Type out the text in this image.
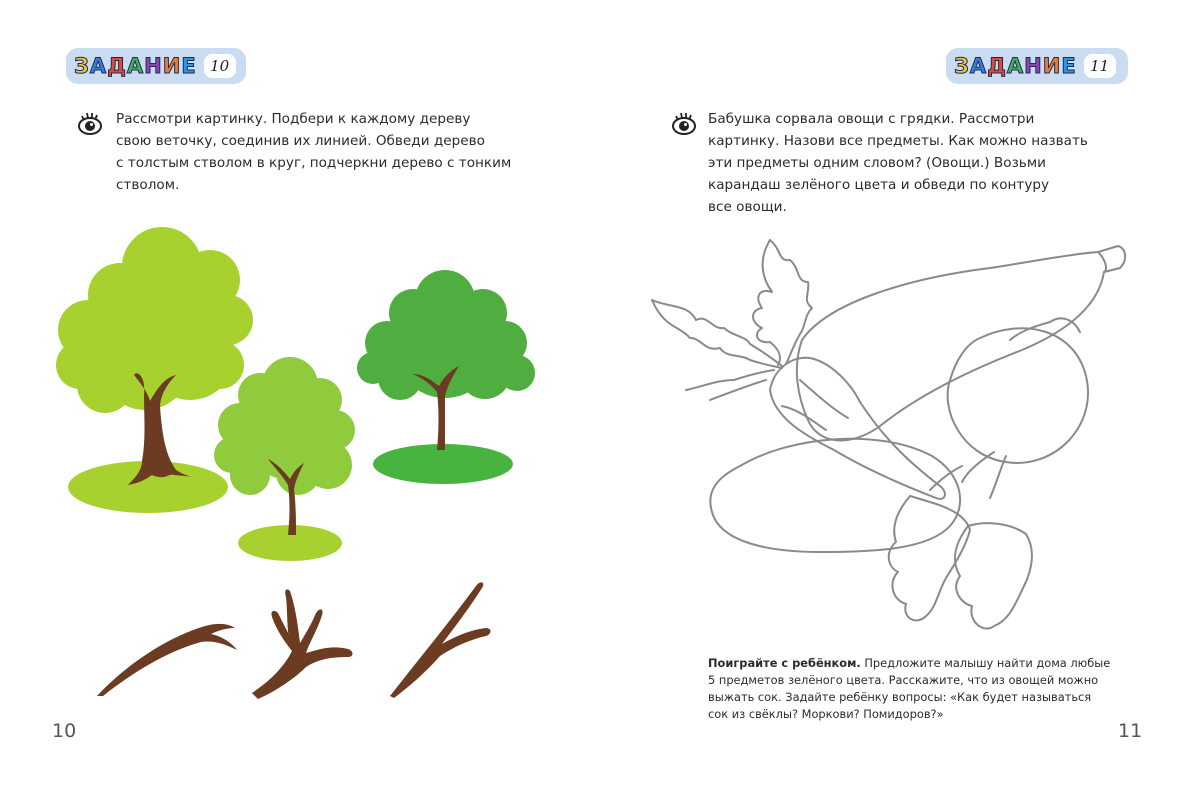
З А Д А Н И Е 10
Рассмотри картинку. Подбери к каждому дереву
свою веточку, соединив их линией. Обведи дерево
с толстым стволом в круг, подчеркни дерево с тонким
стволом.
10
З А Д А Н И Е 11
Бабушка сорвала овощи с грядки. Рассмотри
картинку. Назови все предметы. Как можно назвать
эти предметы одним словом? (Овощи.) Возьми
карандаш зелёного цвета и обведи по контуру
все овощи.
Поиграйте с ребёнком. Предложите малышу найти дома любые
5 предметов зелёного цвета. Расскажите, что из овощей можно
выжать сок. Задайте ребёнку вопросы: «Как будет называться
сок из свёклы? Моркови? Помидоров?»
11
